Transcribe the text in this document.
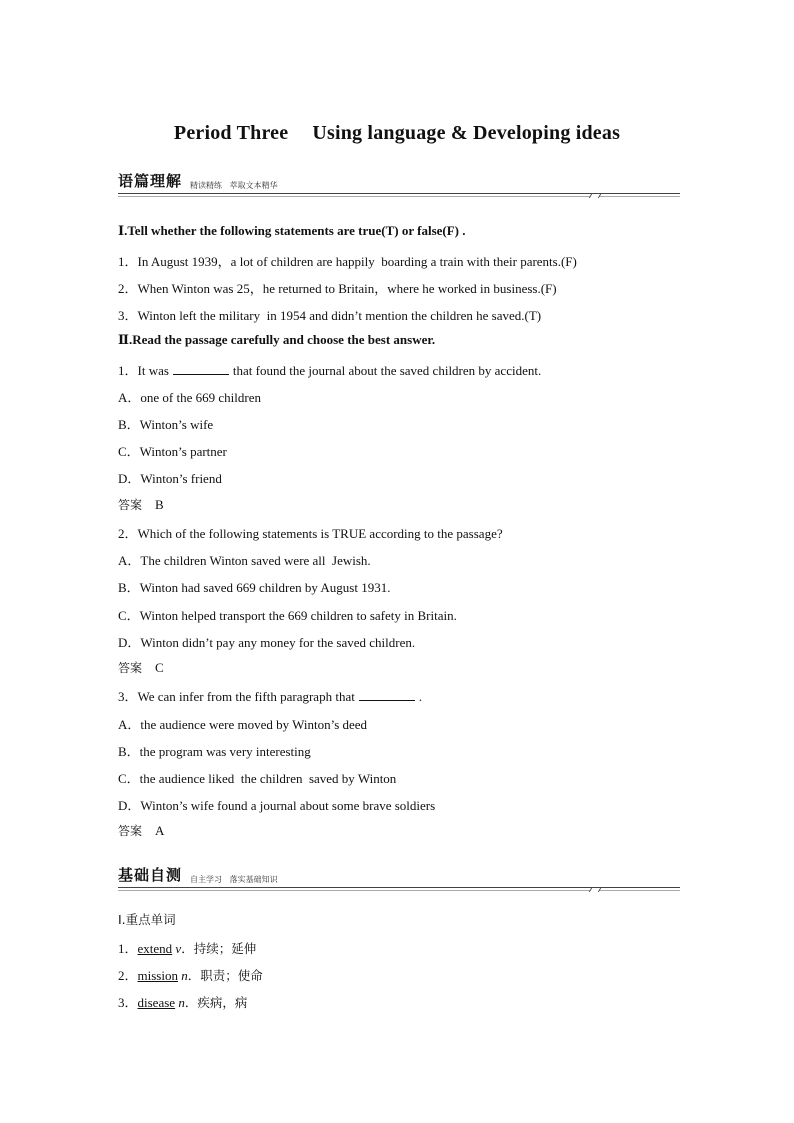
Period Three Using language & Developing ideas
语篇理解 精读精练   萃取文本精华
Ⅰ.Tell whether the following statements are true(T) or false(F) .
1．In August 1939，a lot of children are happily  boarding a train with their parents.(F)
2．When Winton was 25，he returned to Britain，where he worked in business.(F)
3．Winton left the military  in 1954 and didn’t mention the children he saved.(T)
Ⅱ.Read the passage carefully and choose the best answer.
1．It was	that found the journal about the saved children by accident.
A．one of the 669 children
B．Winton’s wife
C．Winton’s partner
D．Winton’s friend
答案 B
2．Which of the following statements is TRUE according to the passage?
A．The children Winton saved were all  Jewish.
B．Winton had saved 669 children by August 1931.
C．Winton helped transport the 669 children to safety in Britain.
D．Winton didn’t pay any money for the saved children.
答案 C
3．We can infer from the fifth paragraph that	.
A．the audience were moved by Winton’s deed
B．the program was very interesting
C．the audience liked  the children  saved by Winton
D．Winton’s wife found a journal about some brave soldiers
答案 A
基础自测 自主学习   落实基础知识
Ⅰ.重点单词
1．extend v．持续；延伸
2．mission n．职责；使命
3．disease n．疾病，病
